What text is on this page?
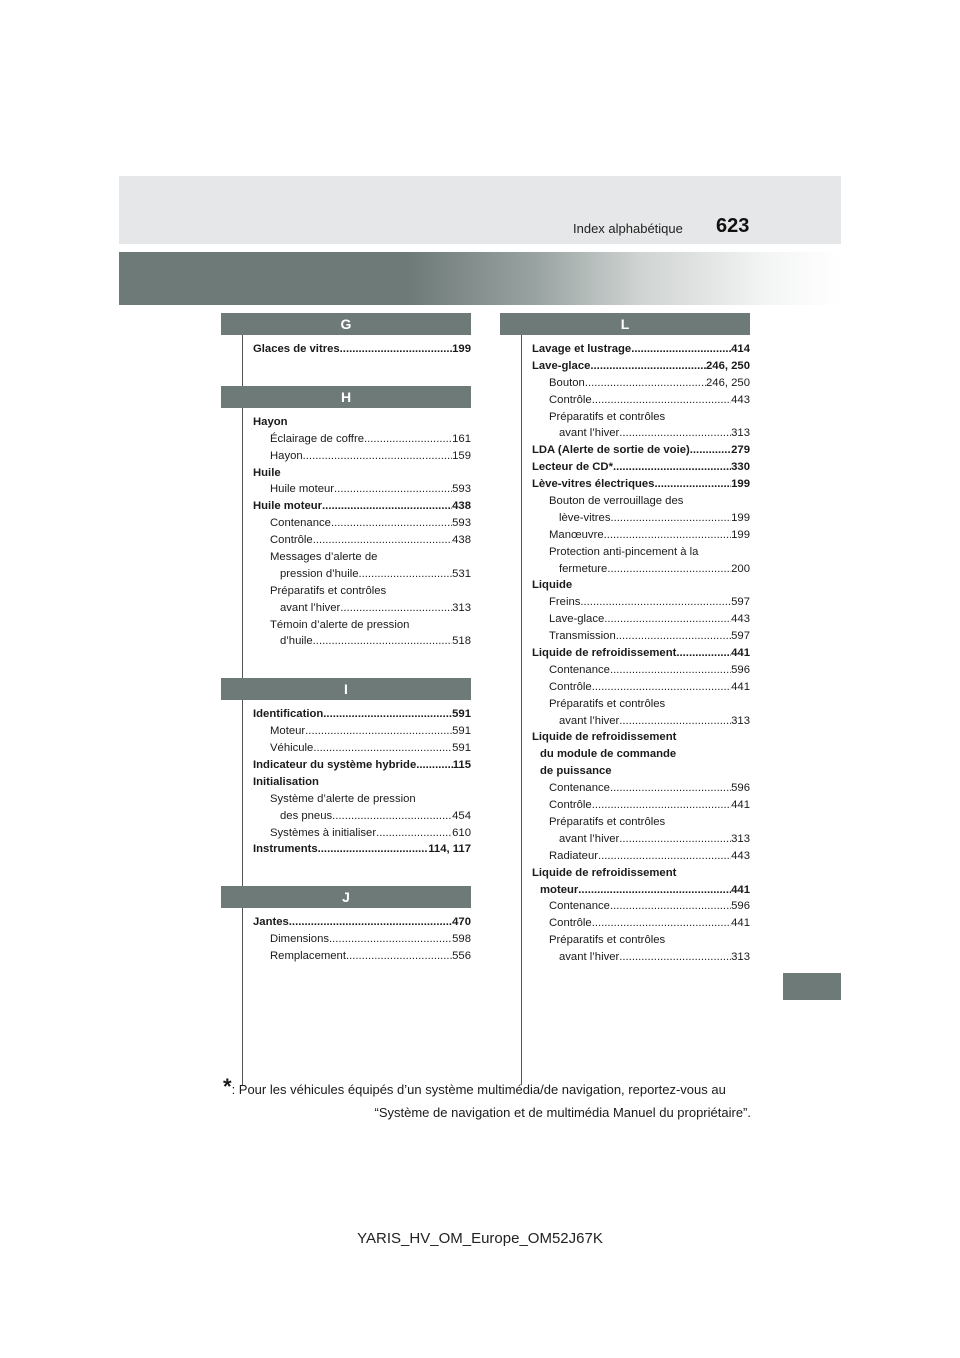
Index alphabétique 623
G
Glaces de vitres .....	199
H
Hayon
Éclairage de coffre .....	161
Hayon .....	159
Huile
Huile moteur .....	593
Huile moteur .....	438
Contenance .....	593
Contrôle .....	438
Messages d’alerte de
pression d’huile .....	531
Préparatifs et contrôles
avant l’hiver .....	313
Témoin d’alerte de pression
d’huile .....	518
I
Identification .....	591
Moteur .....	591
Véhicule .....	591
Indicateur du système hybride .....	115
Initialisation
Système d’alerte de pression
des pneus .....	454
Systèmes à initialiser .....	610
Instruments .....	114, 117
J
Jantes .....	470
Dimensions .....	598
Remplacement .....	556
L
Lavage et lustrage .....	414
Lave-glace .....	246, 250
Bouton .....	246, 250
Contrôle .....	443
Préparatifs et contrôles
avant l’hiver .....	313
LDA (Alerte de sortie de voie) .....	279
Lecteur de CD* .....	330
Lève-vitres électriques .....	199
Bouton de verrouillage des
lève-vitres .....	199
Manœuvre .....	199
Protection anti-pincement à la
fermeture .....	200
Liquide
Freins .....	597
Lave-glace .....	443
Transmission .....	597
Liquide de refroidissement .....	441
Contenance .....	596
Contrôle .....	441
Préparatifs et contrôles
avant l’hiver .....	313
Liquide de refroidissement
du module de commande
de puissance
Contenance .....	596
Contrôle .....	441
Préparatifs et contrôles
avant l’hiver .....	313
Radiateur .....	443
Liquide de refroidissement
moteur .....	441
Contenance .....	596
Contrôle .....	441
Préparatifs et contrôles
avant l’hiver .....	313
* : Pour les véhicules équipés d’un système multimédia/de navigation, reportez-vous au
“Système de navigation et de multimédia Manuel du propriétaire”.
YARIS_HV_OM_Europe_OM52J67K
